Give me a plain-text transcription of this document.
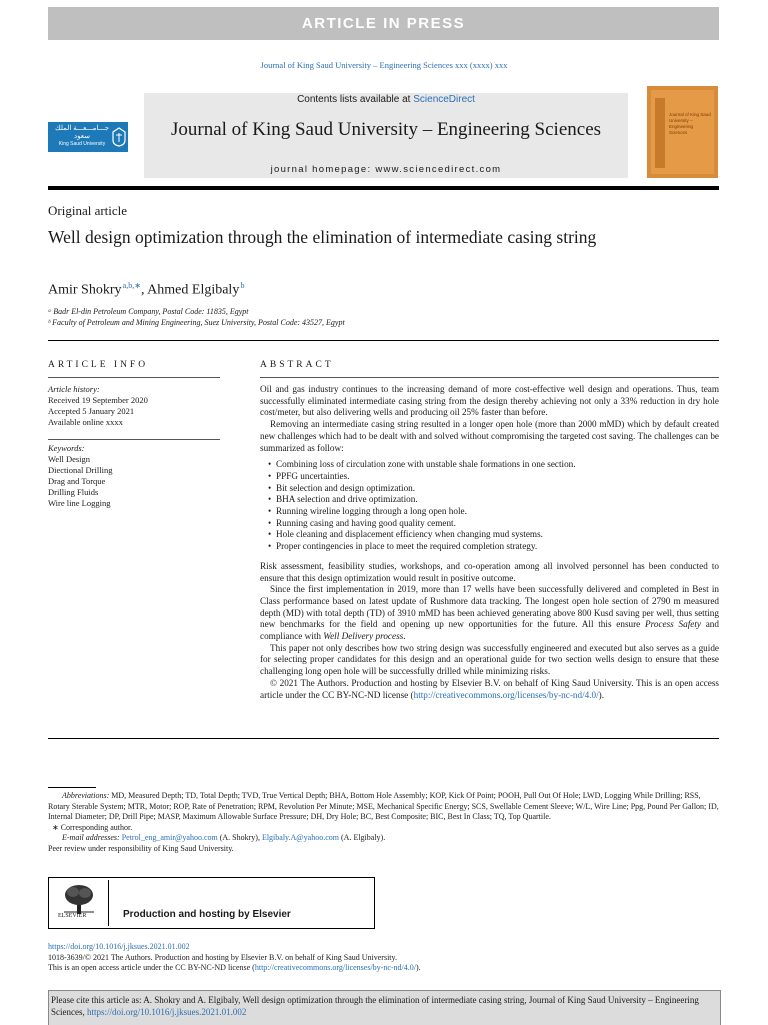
ARTICLE IN PRESS
Journal of King Saud University – Engineering Sciences xxx (xxxx) xxx
جـــامـــعـــة الملك سعود
King Saud University
Contents lists available at ScienceDirect
Journal of King Saud University – Engineering Sciences
journal homepage: www.sciencedirect.com
Journal of King Saud University – Engineering Sciences
Original article
Well design optimization through the elimination of intermediate casing string
Amir Shokry $^{a,b,∗}$, Ahmed Elgibaly $^b$
ᵃ Badr El-din Petroleum Company, Postal Code: 11835, Egypt
ᵇ Faculty of Petroleum and Mining Engineering, Suez University, Postal Code: 43527, Egypt
ARTICLE INFO
Article history:
Received 19 September 2020
Accepted 5 January 2021
Available online xxxx
Keywords:
Well Design
Diectional Drilling
Drag and Torque
Drilling Fluids
Wire line Logging
ABSTRACT

Oil and gas industry continues to the increasing demand of more cost-effective well design and operations. Thus, team successfully eliminated intermediate casing string from the design thereby achieving not only a 33% reduction in dry hole cost/meter, but also delivering wells and producing oil 25% faster than before.

Removing an intermediate casing string resulted in a longer open hole (more than 2000 mMD) which by default created new challenges which had to be dealt with and solved without compromising the targeted cost saving. The challenges can be summarized as follow:

• Combining loss of circulation zone with unstable shale formations in one section.
• PPFG uncertainties.
• Bit selection and design optimization.
• BHA selection and drive optimization.
• Running wireline logging through a long open hole.
• Running casing and having good quality cement.
• Hole cleaning and displacement efficiency when changing mud systems.
• Proper contingencies in place to meet the required completion strategy.

Risk assessment, feasibility studies, workshops, and co-operation among all involved personnel has been conducted to ensure that this design optimization would result in positive outcome.

Since the first implementation in 2019, more than 17 wells have been successfully delivered and completed in Best in Class performance based on latest update of Rushmore data tracking. The longest open hole section of 2790 m measured depth (MD) with total depth (TD) of 3910 mMD has been achieved generating above 800 Kusd saving per well, thus setting new benchmarks for the field and opening up new opportunities for the future. All this ensure Process Safety and compliance with Well Delivery process.

This paper not only describes how two string design was successfully engineered and executed but also serves as a guide for selecting proper candidates for this design and an operational guide for two section wells design to ensure that these challenging long open hole will be successfully drilled while minimizing risks.

© 2021 The Authors. Production and hosting by Elsevier B.V. on behalf of King Saud University. This is an open access article under the CC BY-NC-ND license (http://creativecommons.org/licenses/by-nc-nd/4.0/).

Abbreviations: MD, Measured Depth; TD, Total Depth; TVD, True Vertical Depth; BHA, Bottom Hole Assembly; KOP, Kick Of Point; POOH, Pull Out Of Hole; LWD, Logging While Drilling; RSS, Rotary Sterable System; MTR, Motor; ROP, Rate of Penetration; RPM, Revolution Per Minute; MSE, Mechanical Specific Energy; SCS, Swellable Cement Sleeve; W/L, Wire Line; Ppg, Pound Per Gallon; ID, Internal Diameter; DP, Drill Pipe; MASP, Maximum Allowable Surface Pressure; DH, Dry Hole; BC, Best Composite; BIC, Best In Class; TQ, Top Quartile.
∗ Corresponding author.
E-mail addresses: Petrol_eng_amir@yahoo.com (A. Shokry), Elgibaly.A@yahoo.com (A. Elgibaly).
Peer review under responsibility of King Saud University.
ELSEVIER	Production and hosting by Elsevier
https://doi.org/10.1016/j.jksues.2021.01.002
1018-3639/© 2021 The Authors. Production and hosting by Elsevier B.V. on behalf of King Saud University.
This is an open access article under the CC BY-NC-ND license (http://creativecommons.org/licenses/by-nc-nd/4.0/).
Please cite this article as: A. Shokry and A. Elgibaly, Well design optimization through the elimination of intermediate casing string, Journal of King Saud University – Engineering Sciences, https://doi.org/10.1016/j.jksues.2021.01.002
